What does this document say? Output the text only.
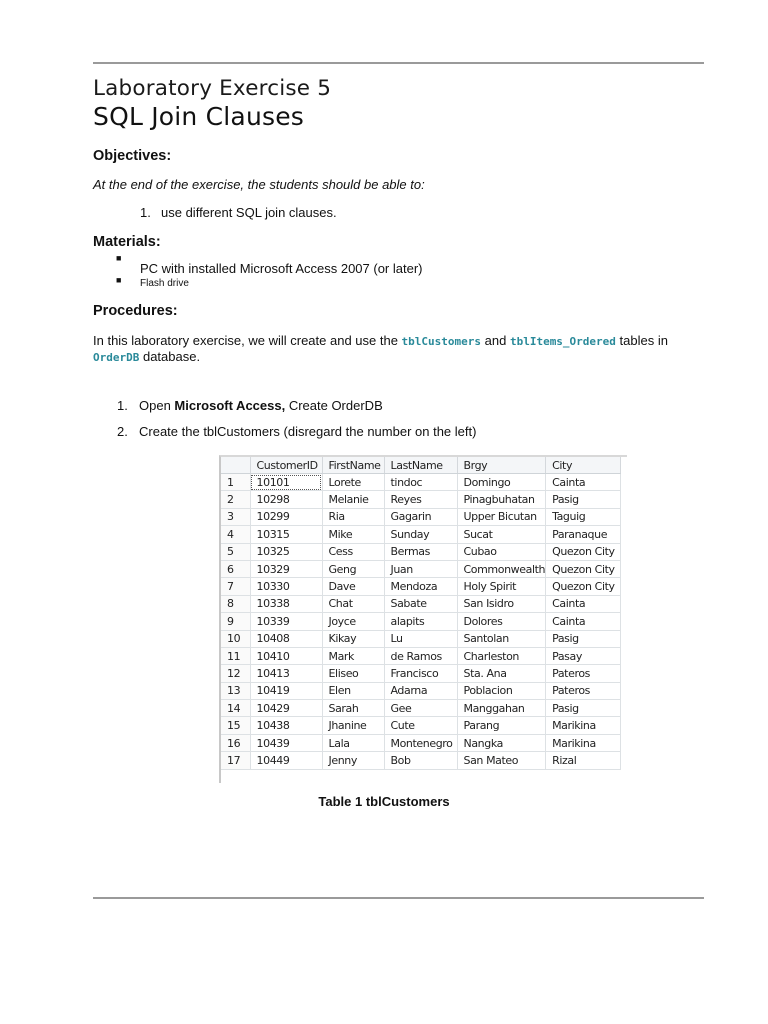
Laboratory Exercise 5
SQL Join Clauses
Objectives:
At the end of the exercise, the students should be able to:
1. use different SQL join clauses.
Materials:
■
PC with installed Microsoft Access 2007 (or later)
■ Flash drive
Procedures:
In this laboratory exercise, we will create and use the tblCustomers and tblItems_Ordered tables in
OrderDB database.
1. Open Microsoft Access, Create OrderDB
2. Create the tblCustomers (disregard the number on the left)
	CustomerID	FirstName	LastName	Brgy	City
1	10101	Lorete	tindoc	Domingo	Cainta
2	10298	Melanie	Reyes	Pinagbuhatan	Pasig
3	10299	Ria	Gagarin	Upper Bicutan	Taguig
4	10315	Mike	Sunday	Sucat	Paranaque
5	10325	Cess	Bermas	Cubao	Quezon City
6	10329	Geng	Juan	Commonwealth	Quezon City
7	10330	Dave	Mendoza	Holy Spirit	Quezon City
8	10338	Chat	Sabate	San Isidro	Cainta
9	10339	Joyce	alapits	Dolores	Cainta
10	10408	Kikay	Lu	Santolan	Pasig
11	10410	Mark	de Ramos	Charleston	Pasay
12	10413	Eliseo	Francisco	Sta. Ana	Pateros
13	10419	Elen	Adarna	Poblacion	Pateros
14	10429	Sarah	Gee	Manggahan	Pasig
15	10438	Jhanine	Cute	Parang	Marikina
16	10439	Lala	Montenegro	Nangka	Marikina
17	10449	Jenny	Bob	San Mateo	Rizal
Table 1 tblCustomers
